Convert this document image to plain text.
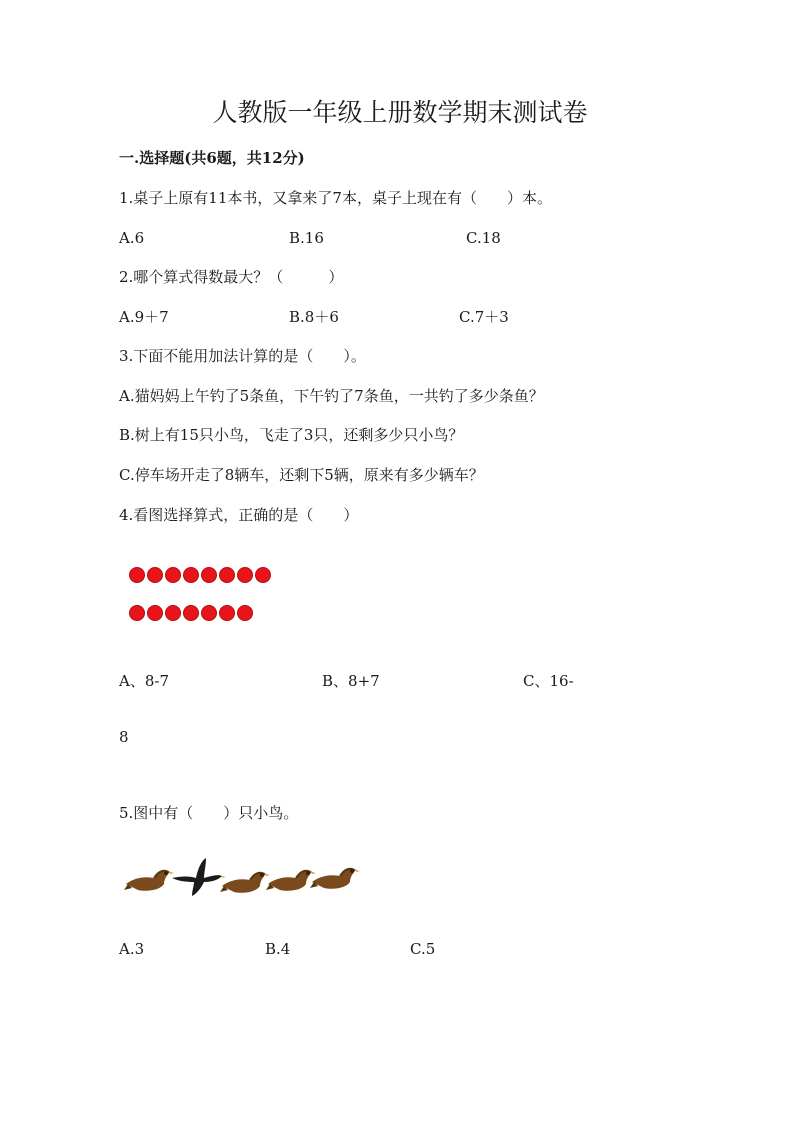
人教版一年级上册数学期末测试卷
一.选择题(共6题，共12分)
1.桌子上原有11本书，又拿来了7本，桌子上现在有（　　）本。
A.6	B.16	C.18
2.哪个算式得数最大？（　　　）
A.9＋7	B.8＋6	C.7＋3
3.下面不能用加法计算的是（　　）。
A.猫妈妈上午钓了5条鱼，下午钓了7条鱼，一共钓了多少条鱼？
B.树上有15只小鸟，飞走了3只，还剩多少只小鸟？
C.停车场开走了8辆车，还剩下5辆，原来有多少辆车？
4.看图选择算式，正确的是（　　）
A、8-7	B、8+7	C、16-
8
5.图中有（　　）只小鸟。
A.3	B.4	C.5
